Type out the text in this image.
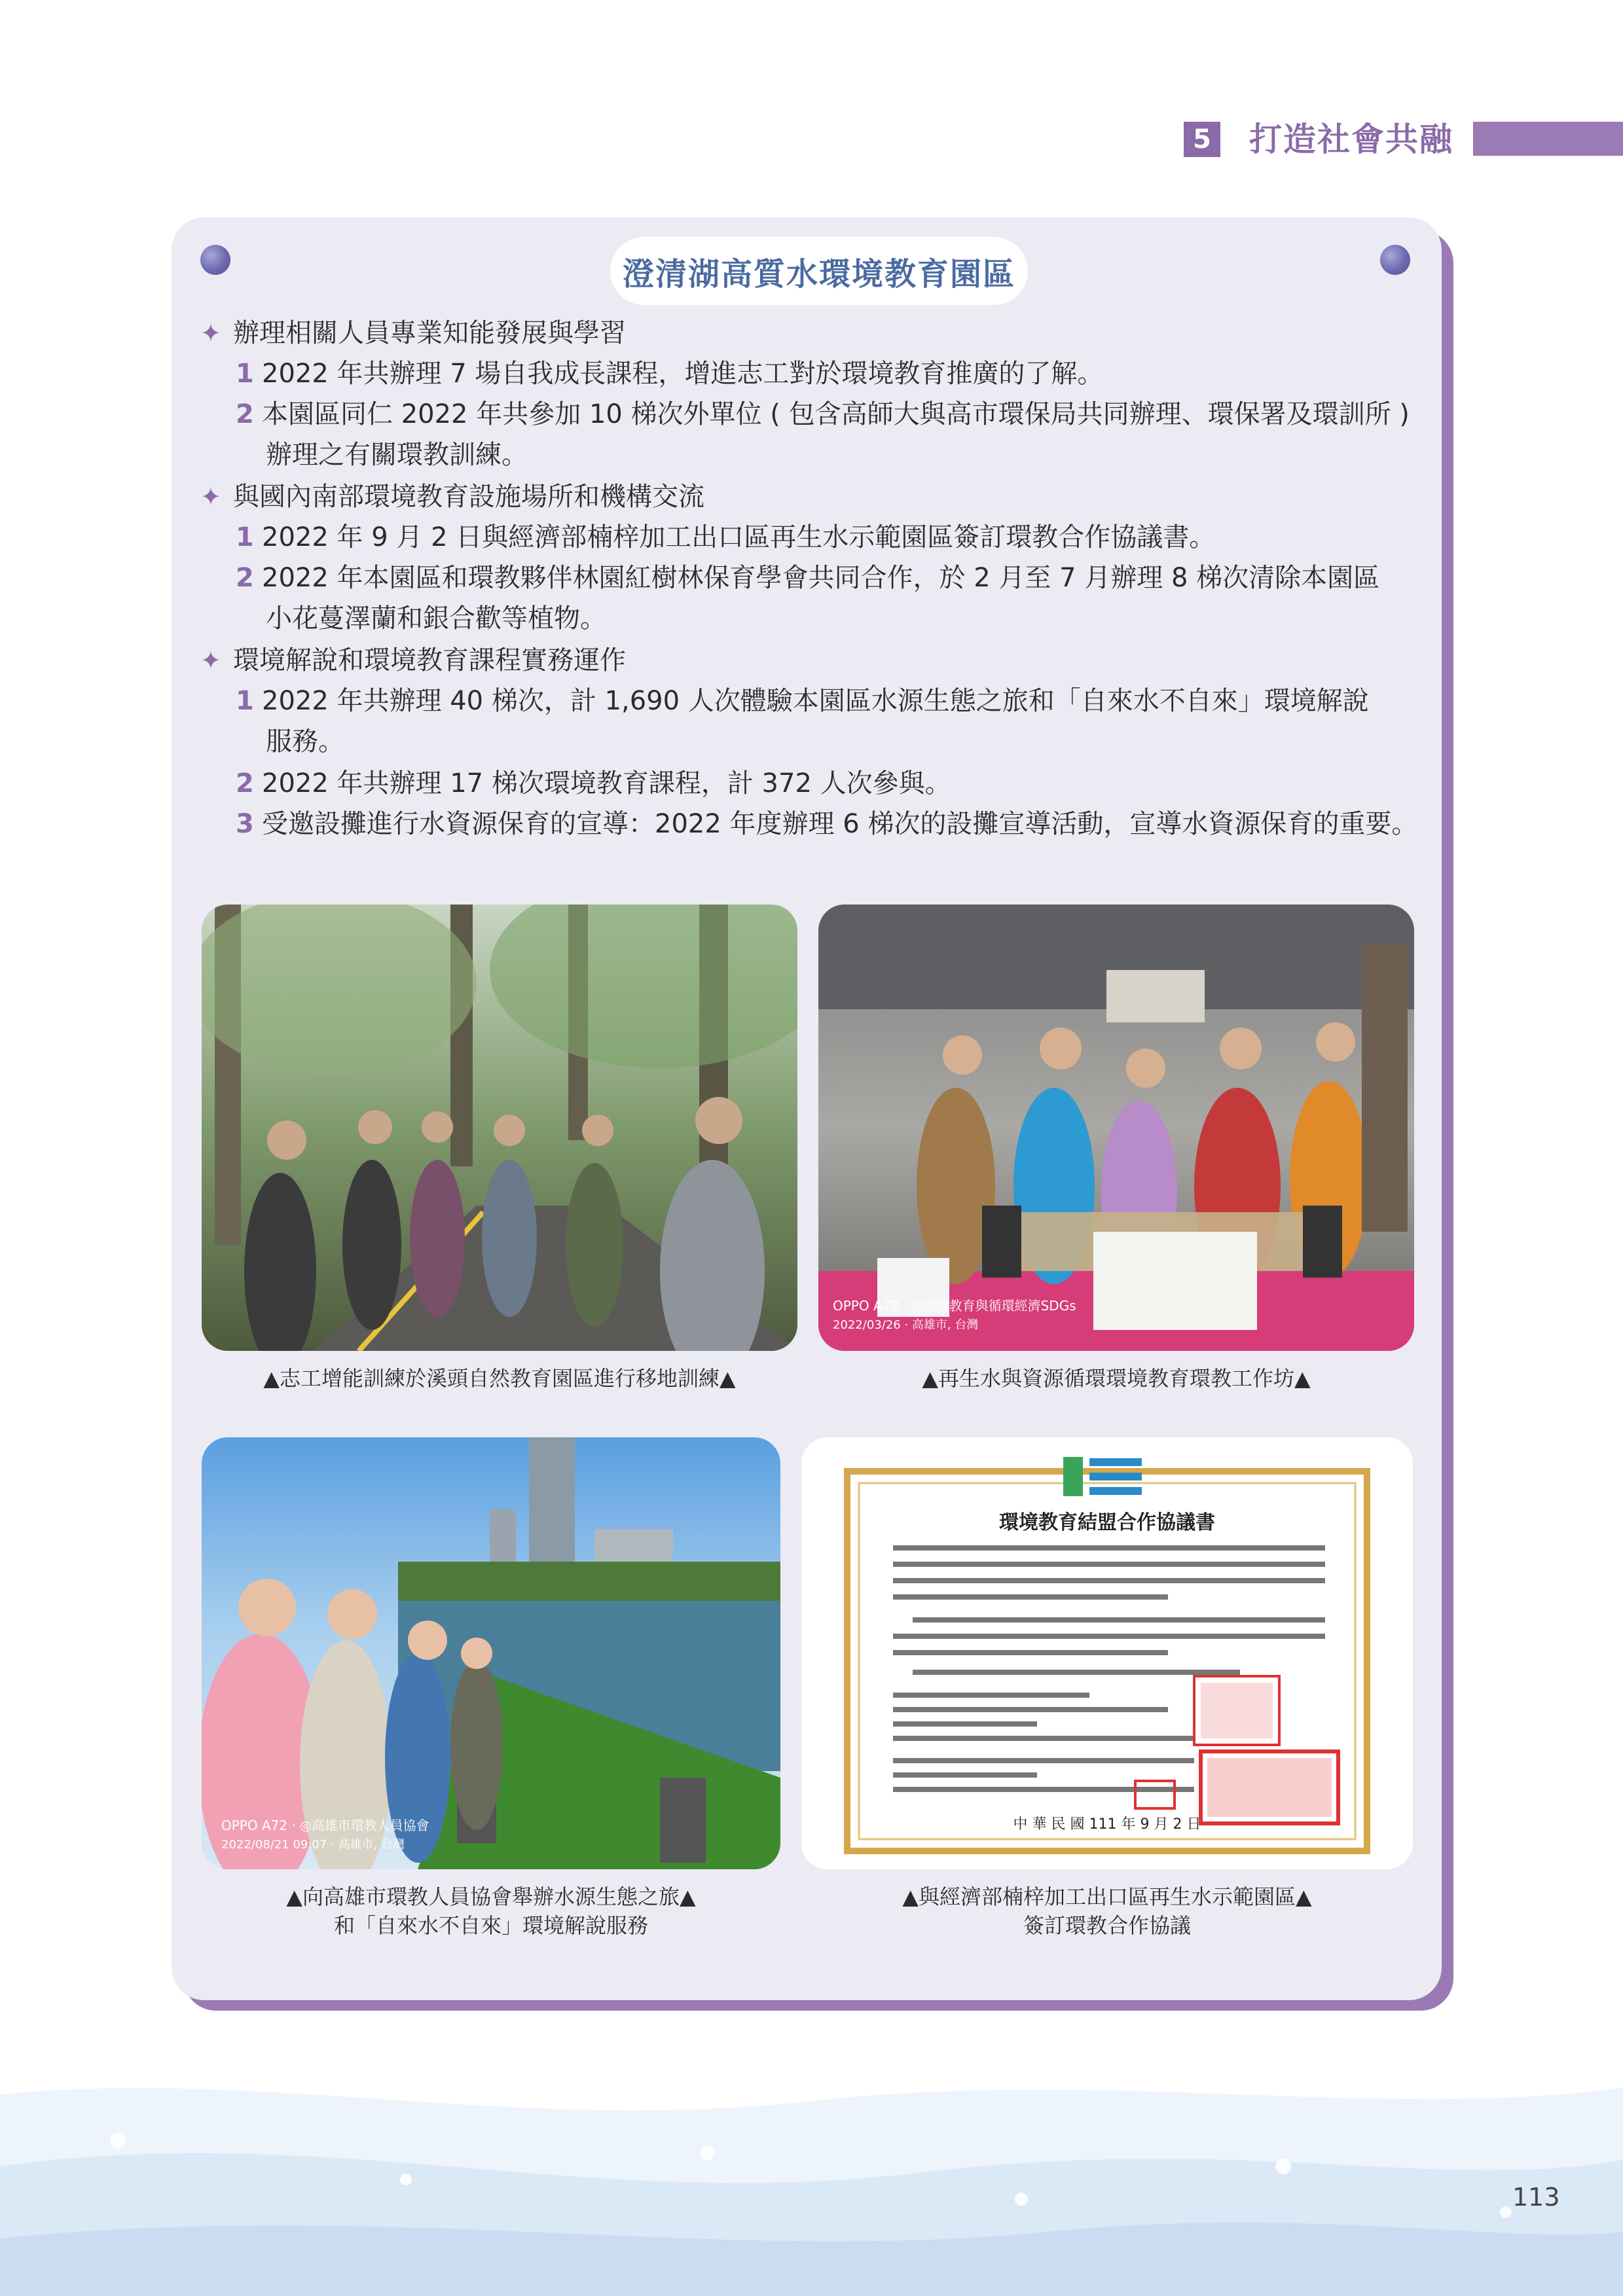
5 打造社會共融
澄清湖高質水環境教育園區
✦ 辦理相關人員專業知能發展與學習
1 2022 年共辦理 7 場自我成長課程，增進志工對於環境教育推廣的了解。
2 本園區同仁 2022 年共參加 10 梯次外單位 ( 包含高師大與高市環保局共同辦理、環保署及環訓所 )
辦理之有關環教訓練。
✦ 與國內南部環境教育設施場所和機構交流
1 2022 年 9 月 2 日與經濟部楠梓加工出口區再生水示範園區簽訂環教合作協議書。
2 2022 年本園區和環教夥伴林園紅樹林保育學會共同合作，於 2 月至 7 月辦理 8 梯次清除本園區
小花蔓澤蘭和銀合歡等植物。
✦ 環境解說和環境教育課程實務運作
1 2022 年共辦理 40 梯次，計 1,690 人次體驗本園區水源生態之旅和「自來水不自來」環境解說
服務。
2 2022 年共辦理 17 梯次環境教育課程，計 372 人次參與。
3 受邀設攤進行水資源保育的宣導：2022 年度辦理 6 梯次的設攤宣導活動，宣導水資源保育的重要。
▲志工增能訓練於溪頭自然教育園區進行移地訓練▲
OPPO A72 · ◎環境教育與循環經濟SDGs
2022/03/26 · 高雄市, 台灣
▲再生水與資源循環環境教育環教工作坊▲
OPPO A72 · ◎高雄市環教人員協會
2022/08/21 09:07 · 高雄市, 台灣
▲向高雄市環教人員協會舉辦水源生態之旅▲
和「自來水不自來」環境解說服務
環境教育結盟合作協議書
中 華 民 國 111 年 9 月 2 日
▲與經濟部楠梓加工出口區再生水示範園區▲
簽訂環教合作協議
113
